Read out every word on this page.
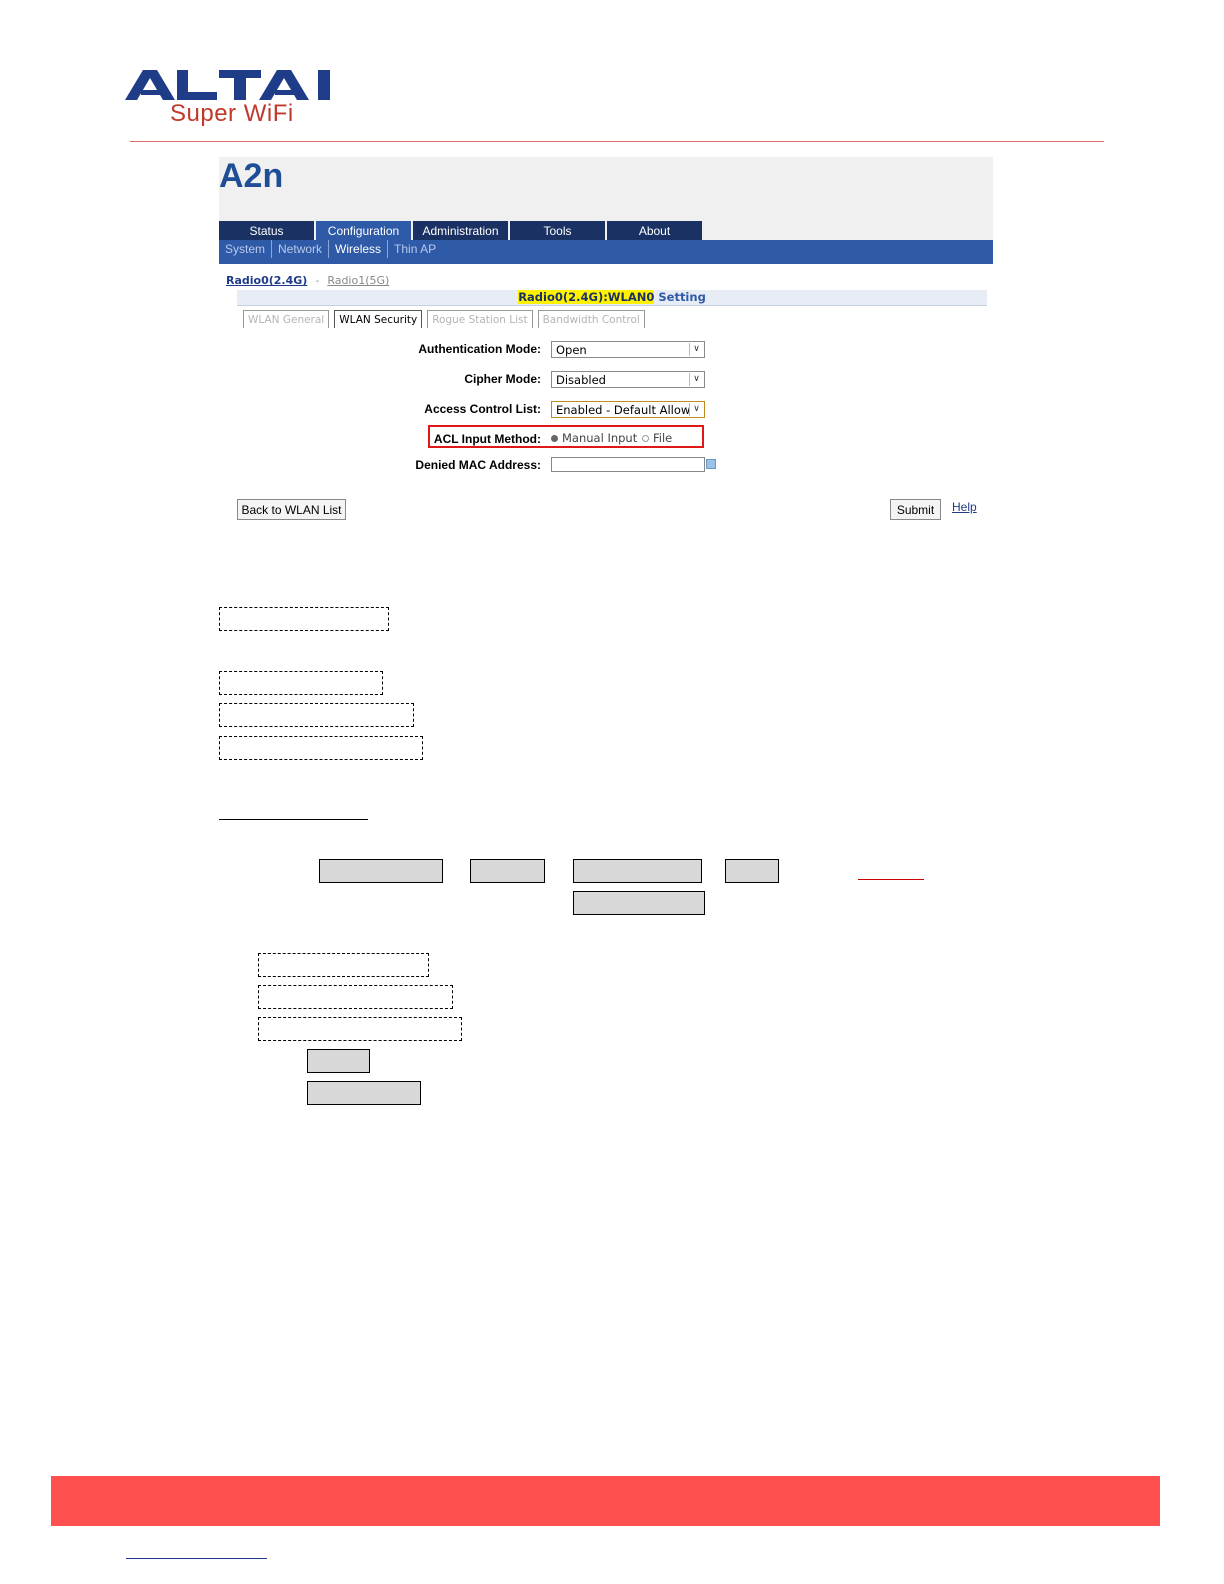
Super WiFi
A2n
Status	Configuration	Administration	Tools	About
System	Network	Wireless	Thin AP
Radio0(2.4G) - Radio1(5G)
Radio0(2.4G):WLAN0 Setting
WLAN General	WLAN Security	Rogue Station List	Bandwidth Control
Authentication Mode:	Open	∨
Cipher Mode:	Disabled	∨
Access Control List:	Enabled - Default Allow ∨
ACL Input Method:	Manual Input	File
Denied MAC Address:
Back to WLAN List	Submit	Help
